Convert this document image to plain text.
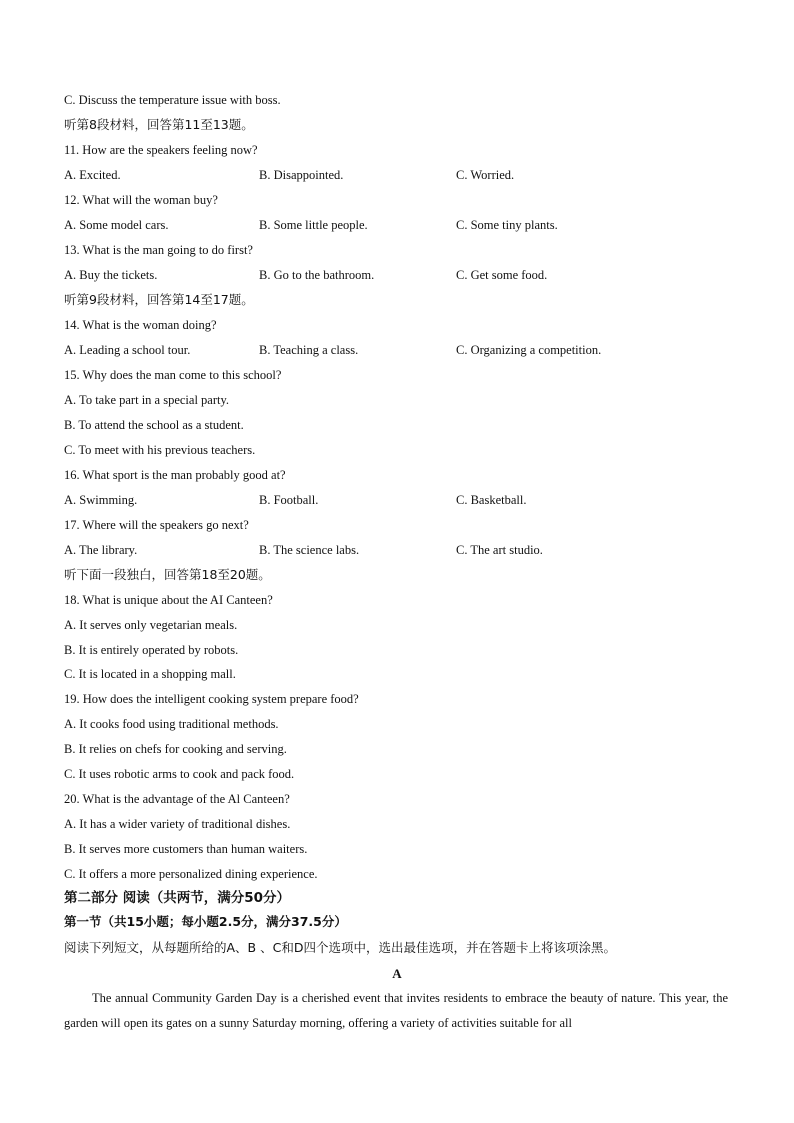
C. Discuss the temperature issue with boss.
听第8段材料，回答第11至13题。
11. How are the speakers feeling now?
A. Excited.	B. Disappointed.	C. Worried.
12. What will the woman buy?
A. Some model cars.	B. Some little people.	C. Some tiny plants.
13. What is the man going to do first?
A. Buy the tickets.	B. Go to the bathroom.	C. Get some food.
听第9段材料，回答第14至17题。
14. What is the woman doing?
A. Leading a school tour.	B. Teaching a class.	C. Organizing a competition.
15. Why does the man come to this school?
A. To take part in a special party.
B. To attend the school as a student.
C. To meet with his previous teachers.
16. What sport is the man probably good at?
A. Swimming.	B. Football.	C. Basketball.
17. Where will the speakers go next?
A. The library.	B. The science labs.	C. The art studio.
听下面一段独白，回答第18至20题。
18. What is unique about the AI Canteen?
A. It serves only vegetarian meals.
B. It is entirely operated by robots.
C. It is located in a shopping mall.
19. How does the intelligent cooking system prepare food?
A. It cooks food using traditional methods.
B. It relies on chefs for cooking and serving.
C. It uses robotic arms to cook and pack food.
20. What is the advantage of the Al Canteen?
A. It has a wider variety of traditional dishes.
B. It serves more customers than human waiters.
C. It offers a more personalized dining experience.
第二部分 阅读（共两节，满分50分）
第一节（共15小题；每小题2.5分，满分37.5分）
阅读下列短文，从每题所给的A、B 、C和D四个选项中，选出最佳选项，并在答题卡上将该项涂黑。
A
The annual Community Garden Day is a cherished event that invites residents to embrace the beauty of nature. This year, the garden will open its gates on a sunny Saturday morning, offering a variety of activities suitable for all
